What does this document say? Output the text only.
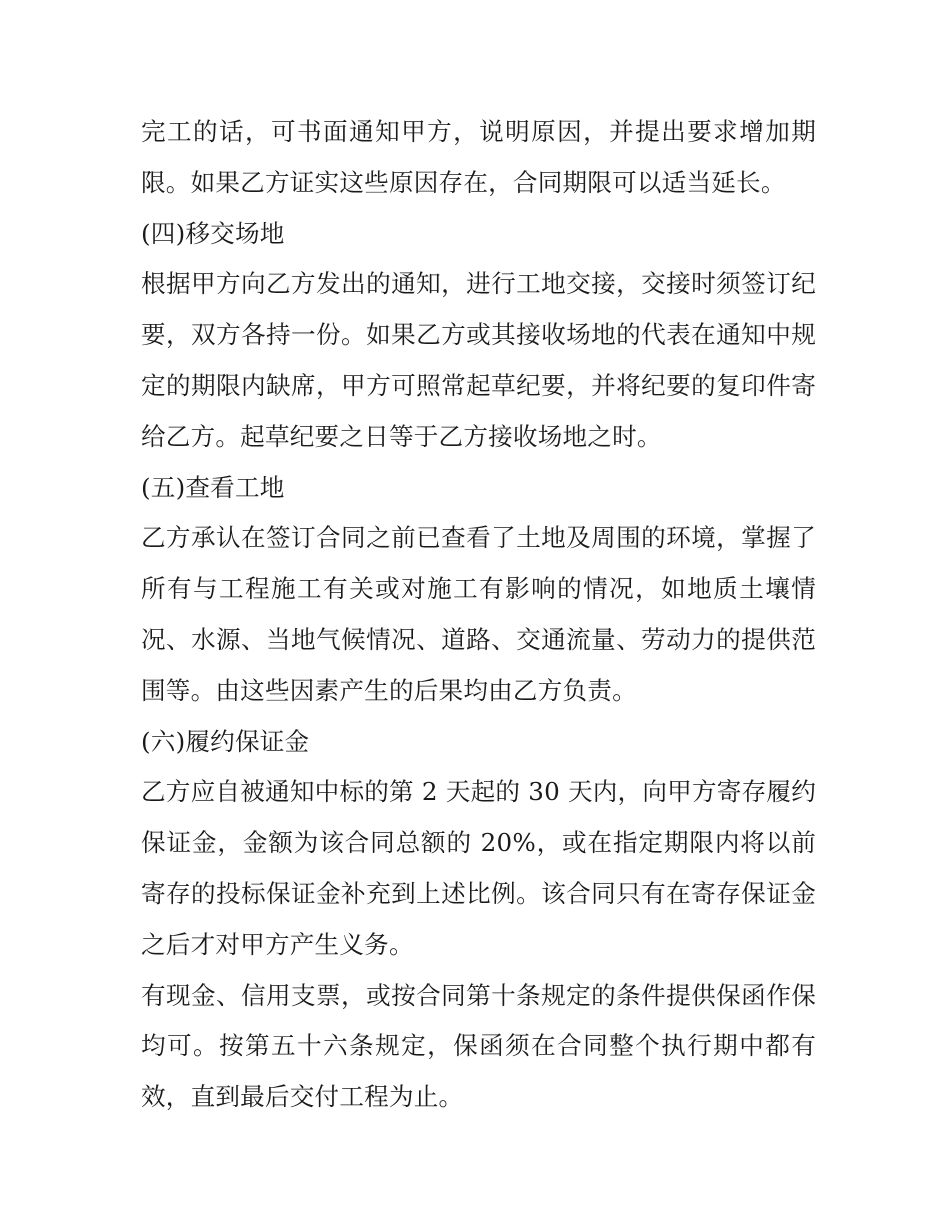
完工的话，可书面通知甲方，说明原因，并提出要求增加期限。如果乙方证实这些原因存在，合同期限可以适当延长。

(四)移交场地

根据甲方向乙方发出的通知，进行工地交接，交接时须签订纪要，双方各持一份。如果乙方或其接收场地的代表在通知中规定的期限内缺席，甲方可照常起草纪要，并将纪要的复印件寄给乙方。起草纪要之日等于乙方接收场地之时。

(五)查看工地

乙方承认在签订合同之前已查看了土地及周围的环境，掌握了所有与工程施工有关或对施工有影响的情况，如地质土壤情况、水源、当地气候情况、道路、交通流量、劳动力的提供范围等。由这些因素产生的后果均由乙方负责。

(六)履约保证金

乙方应自被通知中标的第 2 天起的 30 天内，向甲方寄存履约保证金，金额为该合同总额的 20%，或在指定期限内将以前寄存的投标保证金补充到上述比例。该合同只有在寄存保证金之后才对甲方产生义务。

有现金、信用支票，或按合同第十条规定的条件提供保函作保均可。按第五十六条规定，保函须在合同整个执行期中都有效，直到最后交付工程为止。
